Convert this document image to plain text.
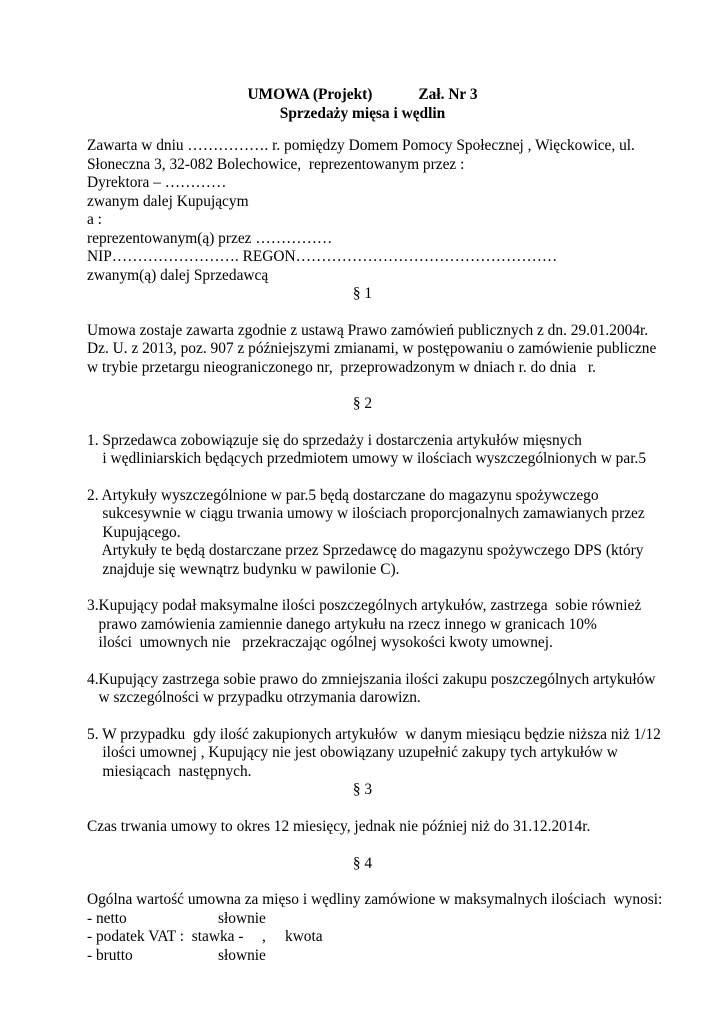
UMOWA (Projekt)	Zał. Nr 3
Sprzedaży mięsa i wędlin
Zawarta w dniu ……………. r. pomiędzy Domem Pomocy Społecznej , Więckowice, ul.
Słoneczna 3, 32-082 Bolechowice,  reprezentowanym przez :
Dyrektora – …………
zwanym dalej Kupującym
a :
reprezentowanym(ą) przez ……………
NIP……………………. REGON……………………………………………
zwanym(ą) dalej Sprzedawcą
§ 1
Umowa zostaje zawarta zgodnie z ustawą Prawo zamówień publicznych z dn. 29.01.2004r.
Dz. U. z 2013, poz. 907 z późniejszymi zmianami, w postępowaniu o zamówienie publiczne
w trybie przetargu nieograniczonego nr,  przeprowadzonym w dniach r. do dnia   r.
§ 2
1. Sprzedawca zobowiązuje się do sprzedaży i dostarczenia artykułów mięsnych
i wędliniarskich będących przedmiotem umowy w ilościach wyszczególnionych w par.5
2. Artykuły wyszczególnione w par.5 będą dostarczane do magazynu spożywczego
sukcesywnie w ciągu trwania umowy w ilościach proporcjonalnych zamawianych przez
Kupującego.
Artykuły te będą dostarczane przez Sprzedawcę do magazynu spożywczego DPS (który
znajduje się wewnątrz budynku w pawilonie C).
3.Kupujący podał maksymalne ilości poszczególnych artykułów, zastrzega  sobie również
prawo zamówienia zamiennie danego artykułu na rzecz innego w granicach 10%
ilości  umownych nie   przekraczając ogólnej wysokości kwoty umownej.
4.Kupujący zastrzega sobie prawo do zmniejszania ilości zakupu poszczególnych artykułów
w szczególności w przypadku otrzymania darowizn.
5. W przypadku  gdy ilość zakupionych artykułów  w danym miesiącu będzie niższa niż 1/12
ilości umownej , Kupujący nie jest obowiązany uzupełnić zakupy tych artykułów w
miesiącach  następnych.
§ 3
Czas trwania umowy to okres 12 miesięcy, jednak nie później niż do 31.12.2014r.
§ 4
Ogólna wartość umowna za mięso i wędliny zamówione w maksymalnych ilościach  wynosi:
- netto	słownie
- podatek VAT :  stawka - , kwota
- brutto	słownie
